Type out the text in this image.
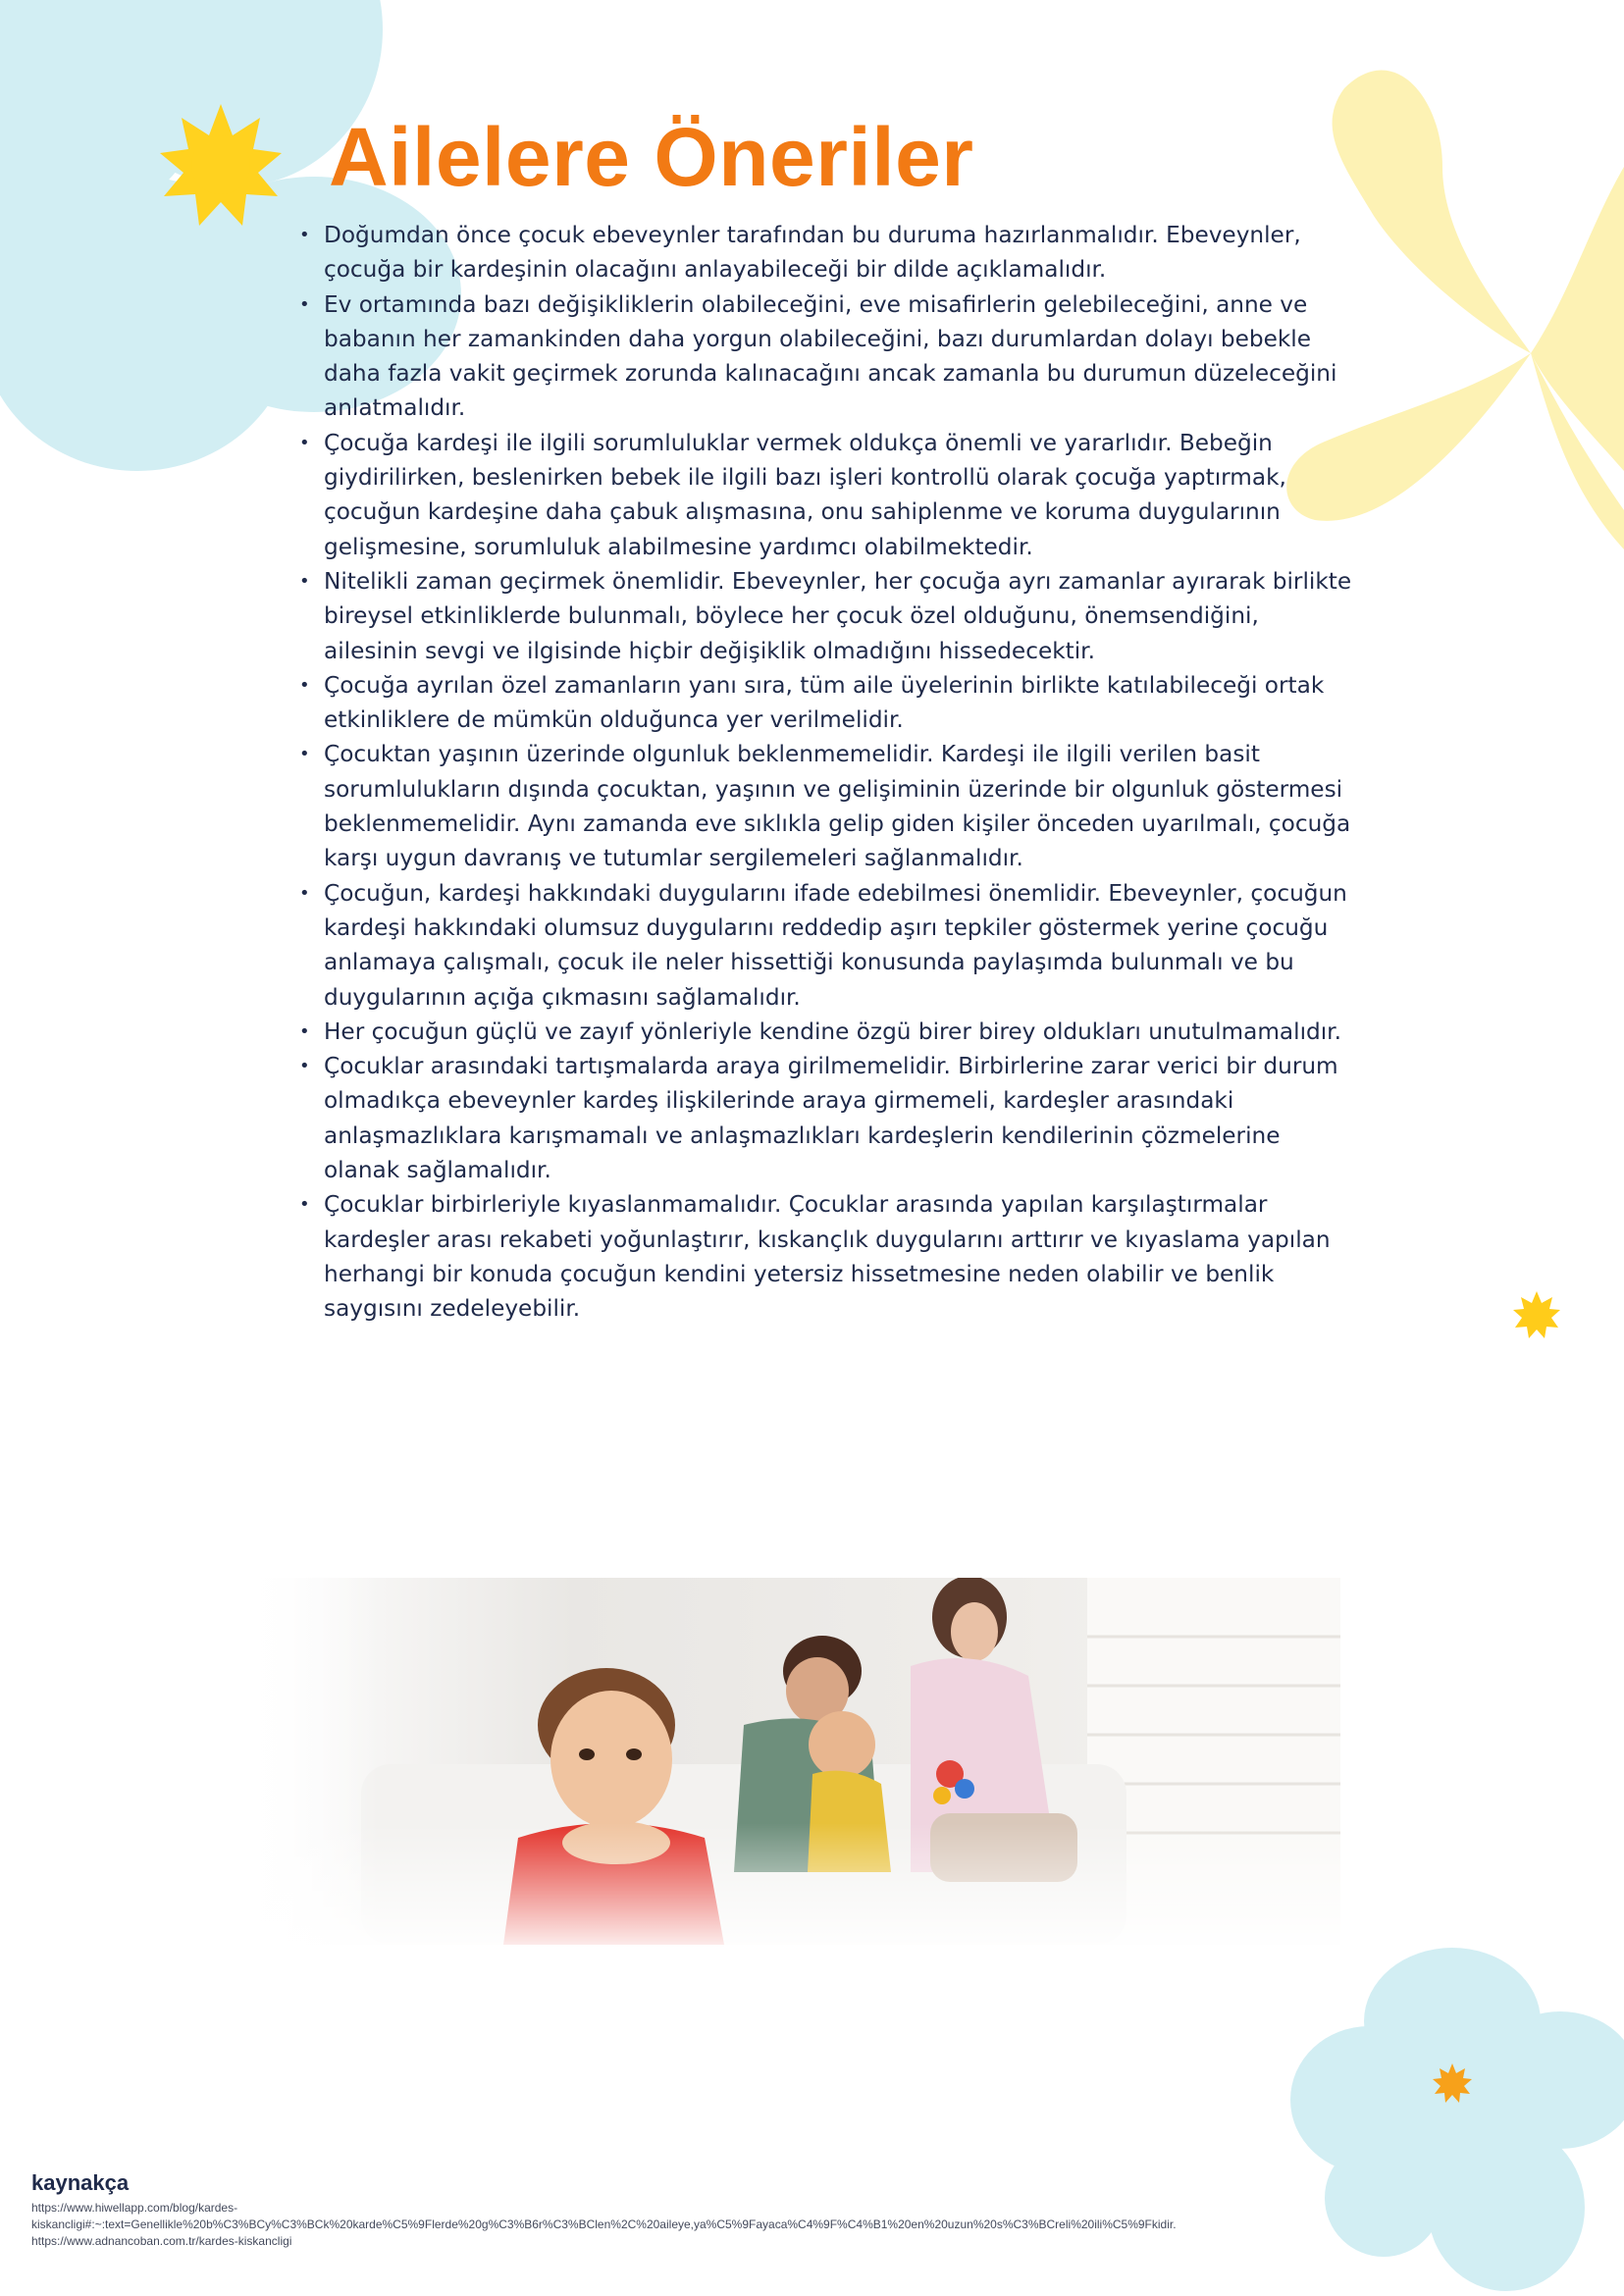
Ailelere Öneriler
• Doğumdan önce çocuk ebeveynler tarafından bu duruma hazırlanmalıdır. Ebeveynler, çocuğa bir kardeşinin olacağını anlayabileceği bir dilde açıklamalıdır.
• Ev ortamında bazı değişikliklerin olabileceğini, eve misafirlerin gelebileceğini, anne ve babanın her zamankinden daha yorgun olabileceğini, bazı durumlardan dolayı bebekle daha fazla vakit geçirmek zorunda kalınacağını ancak zamanla bu durumun düzeleceğini anlatmalıdır.
• Çocuğa kardeşi ile ilgili sorumluluklar vermek oldukça önemli ve yararlıdır. Bebeğin giydirilirken, beslenirken bebek ile ilgili bazı işleri kontrollü olarak çocuğa yaptırmak, çocuğun kardeşine daha çabuk alışmasına, onu sahiplenme ve koruma duygularının gelişmesine, sorumluluk alabilmesine yardımcı olabilmektedir.
• Nitelikli zaman geçirmek önemlidir. Ebeveynler, her çocuğa ayrı zamanlar ayırarak birlikte bireysel etkinliklerde bulunmalı, böylece her çocuk özel olduğunu, önemsendiğini, ailesinin sevgi ve ilgisinde hiçbir değişiklik olmadığını hissedecektir.
• Çocuğa ayrılan özel zamanların yanı sıra, tüm aile üyelerinin birlikte katılabileceği ortak etkinliklere de mümkün olduğunca yer verilmelidir.
• Çocuktan yaşının üzerinde olgunluk beklenmemelidir. Kardeşi ile ilgili verilen basit sorumlulukların dışında çocuktan, yaşının ve gelişiminin üzerinde bir olgunluk göstermesi beklenmemelidir. Aynı zamanda eve sıklıkla gelip giden kişiler önceden uyarılmalı, çocuğa karşı uygun davranış ve tutumlar sergilemeleri sağlanmalıdır.
• Çocuğun, kardeşi hakkındaki duygularını ifade edebilmesi önemlidir. Ebeveynler, çocuğun kardeşi hakkındaki olumsuz duygularını reddedip aşırı tepkiler göstermek yerine çocuğu anlamaya çalışmalı, çocuk ile neler hissettiği konusunda paylaşımda bulunmalı ve bu duygularının açığa çıkmasını sağlamalıdır.
• Her çocuğun güçlü ve zayıf yönleriyle kendine özgü birer birey oldukları unutulmamalıdır.
• Çocuklar arasındaki tartışmalarda araya girilmemelidir. Birbirlerine zarar verici bir durum olmadıkça ebeveynler kardeş ilişkilerinde araya girmemeli, kardeşler arasındaki anlaşmazlıklara karışmamalı ve anlaşmazlıkları kardeşlerin kendilerinin çözmelerine olanak sağlamalıdır.
• Çocuklar birbirleriyle kıyaslanmamalıdır. Çocuklar arasında yapılan karşılaştırmalar kardeşler arası rekabeti yoğunlaştırır, kıskançlık duygularını arttırır ve kıyaslama yapılan herhangi bir konuda çocuğun kendini yetersiz hissetmesine neden olabilir ve benlik saygısını zedeleyebilir.

kaynakça

https://www.hiwellapp.com/blog/kardes-

kiskancligi#:~:text=Genellikle%20b%C3%BCy%C3%BCk%20karde%C5%9Flerde%20g%C3%B6r%C3%BClen%2C%20aileye,ya%C5%9Fayaca%C4%9F%C4%B1%20en%20uzun%20s%C3%BCreli%20ili%C5%9Fkidir.

https://www.adnancoban.com.tr/kardes-kiskancligi
